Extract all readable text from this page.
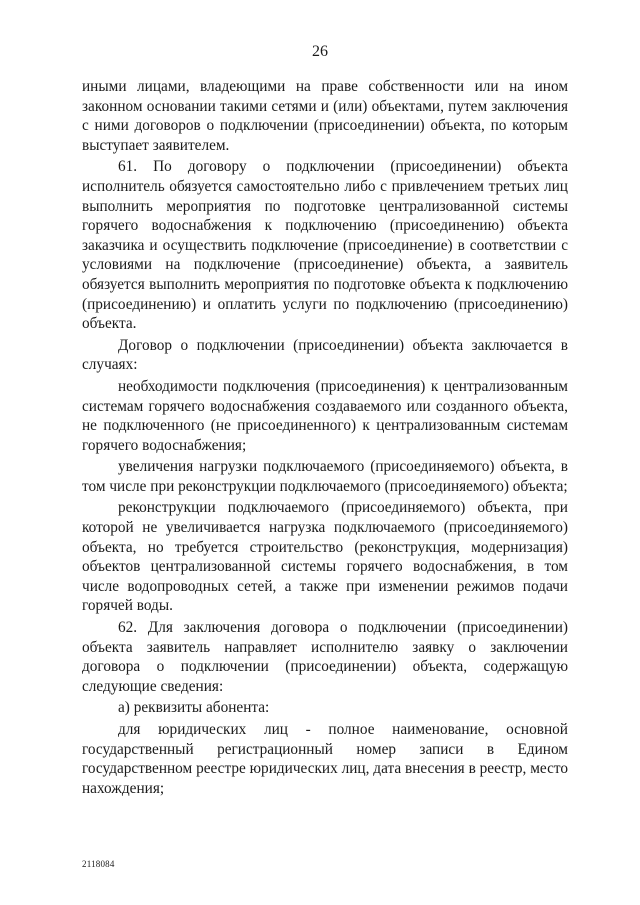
26

иными лицами, владеющими на праве собственности или на ином законном основании такими сетями и (или) объектами, путем заключения с ними договоров о подключении (присоединении) объекта, по которым выступает заявителем.

61. По договору о подключении (присоединении) объекта исполнитель обязуется самостоятельно либо с привлечением третьих лиц выполнить мероприятия по подготовке централизованной системы горячего водоснабжения к подключению (присоединению) объекта заказчика и осуществить подключение (присоединение) в соответствии с условиями на подключение (присоединение) объекта, а заявитель обязуется выполнить мероприятия по подготовке объекта к подключению (присоединению) и оплатить услуги по подключению (присоединению) объекта.

Договор о подключении (присоединении) объекта заключается в случаях:

необходимости подключения (присоединения) к централизованным системам горячего водоснабжения создаваемого или созданного объекта, не подключенного (не присоединенного) к централизованным системам горячего водоснабжения;

увеличения нагрузки подключаемого (присоединяемого) объекта, в том числе при реконструкции подключаемого (присоединяемого) объекта;

реконструкции подключаемого (присоединяемого) объекта, при которой не увеличивается нагрузка подключаемого (присоединяемого) объекта, но требуется строительство (реконструкция, модернизация) объектов централизованной системы горячего водоснабжения, в том числе водопроводных сетей, а также при изменении режимов подачи горячей воды.

62. Для заключения договора о подключении (присоединении) объекта заявитель направляет исполнителю заявку о заключении договора о подключении (присоединении) объекта, содержащую следующие сведения:

а) реквизиты абонента:

для юридических лиц - полное наименование, основной государственный регистрационный номер записи в Едином государственном реестре юридических лиц, дата внесения в реестр, место нахождения;

2118084
